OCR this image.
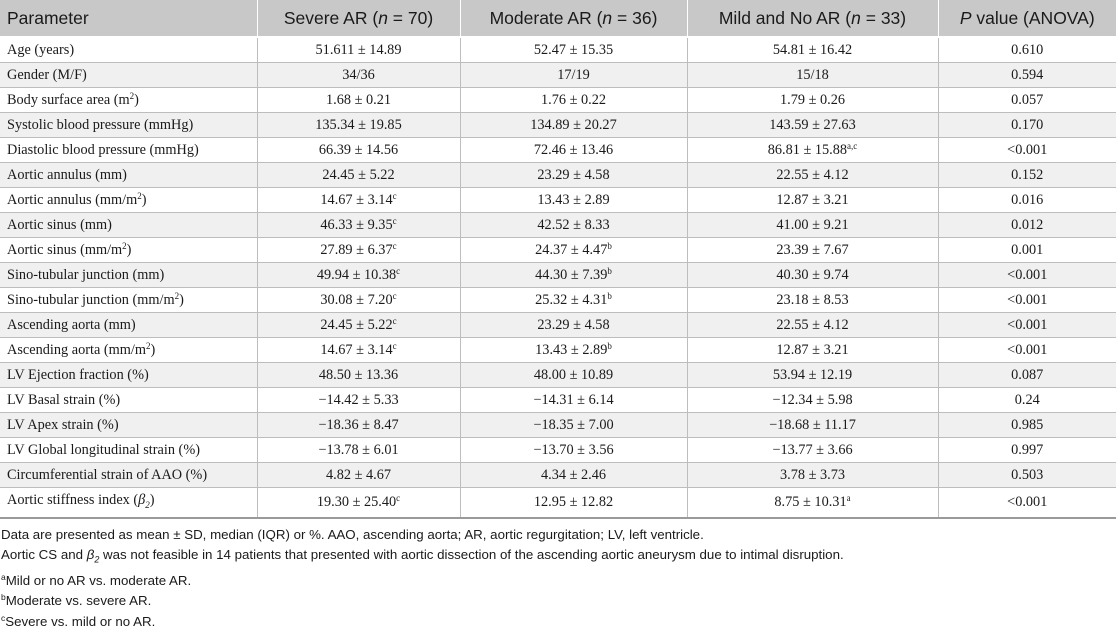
Parameter	Severe AR (n = 70)	Moderate AR (n = 36)	Mild and No AR (n = 33)	P value (ANOVA)
Age (years)	51.611 ± 14.89	52.47 ± 15.35	54.81 ± 16.42	0.610
Gender (M/F)	34/36	17/19	15/18	0.594
Body surface area $(m^2)$	1.68 ± 0.21	1.76 ± 0.22	1.79 ± 0.26	0.057
Systolic blood pressure (mmHg)	135.34 ± 19.85	134.89 ± 20.27	143.59 ± 27.63	0.170
Diastolic blood pressure (mmHg)	66.39 ± 14.56	72.46 ± 13.46	$86.81 \pm 15.88^{a,c}$	<0.001
Aortic annulus (mm)	24.45 ± 5.22	23.29 ± 4.58	22.55 ± 4.12	0.152
Aortic annulus $(mm/m^2)$	14.67 ± 3.14$^c$	13.43 ± 2.89	12.87 ± 3.21	0.016
Aortic sinus (mm)	46.33 ± 9.35$^c$	42.52 ± 8.33	41.00 ± 9.21	0.012
Aortic sinus $(mm/m^2)$	27.89 ± 6.37$^c$	24.37 ± 4.47$^b$	23.39 ± 7.67	0.001
Sino-tubular junction (mm)	49.94 ± 10.38$^c$	44.30 ± 7.39$^b$	40.30 ± 9.74	<0.001
Sino-tubular junction $(mm/m^2)$	30.08 ± 7.20$^c$	25.32 ± 4.31$^b$	23.18 ± 8.53	<0.001
Ascending aorta (mm)	24.45 ± 5.22$^c$	23.29 ± 4.58	22.55 ± 4.12	<0.001
Ascending aorta $(mm/m^2)$	14.67 ± 3.14$^c$	13.43 ± 2.89$^b$	12.87 ± 3.21	<0.001
LV Ejection fraction (%)	48.50 ± 13.36	48.00 ± 10.89	53.94 ± 12.19	0.087
LV Basal strain (%)	−14.42 ± 5.33	−14.31 ± 6.14	−12.34 ± 5.98	0.24
LV Apex strain (%)	−18.36 ± 8.47	−18.35 ± 7.00	−18.68 ± 11.17	0.985
LV Global longitudinal strain (%)	−13.78 ± 6.01	−13.70 ± 3.56	−13.77 ± 3.66	0.997
Circumferential strain of AAO (%)	4.82 ± 4.67	4.34 ± 2.46	3.78 ± 3.73	0.503
Aortic stiffness index $(\beta_2)$	19.30 ± 25.40$^c$	12.95 ± 12.82	8.75 ± 10.31$^a$	<0.001
Data are presented as mean ± SD, median (IQR) or %. AAO, ascending aorta; AR, aortic regurgitation; LV, left ventricle.
Aortic CS and $\beta_2$ was not feasible in 14 patients that presented with aortic dissection of the ascending aortic aneurysm due to intimal disruption.
$^a$Mild or no AR vs. moderate AR.
$^b$Moderate vs. severe AR.
$^c$Severe vs. mild or no AR.
